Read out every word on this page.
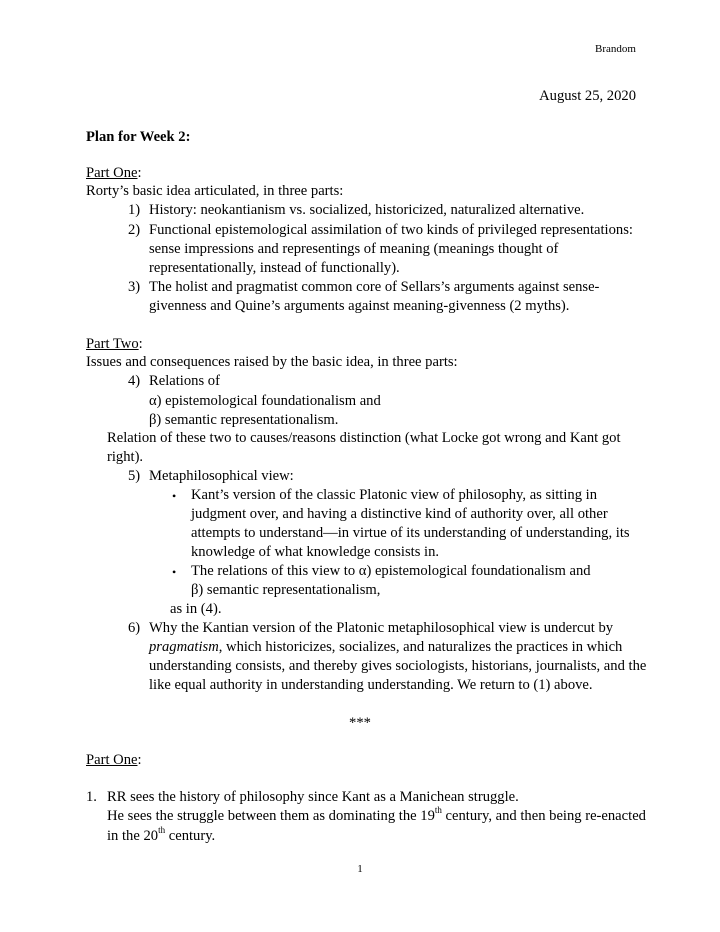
Brandom
August 25, 2020
Plan for Week 2:
Part One:
Rorty’s basic idea articulated, in three parts:
1) History: neokantianism vs. socialized, historicized, naturalized alternative.
2) Functional epistemological assimilation of two kinds of privileged representations:
sense impressions and representings of meaning (meanings thought of
representationally, instead of functionally).
3) The holist and pragmatist common core of Sellars’s arguments against sense-
givenness and Quine’s arguments against meaning-givenness (2 myths).
Part Two:
Issues and consequences raised by the basic idea, in three parts:
4) Relations of
α) epistemological foundationalism and
β) semantic representationalism.
Relation of these two to causes/reasons distinction (what Locke got wrong and Kant got
right).
5) Metaphilosophical view:
• Kant’s version of the classic Platonic view of philosophy, as sitting in
judgment over, and having a distinctive kind of authority over, all other
attempts to understand—in virtue of its understanding of understanding, its
knowledge of what knowledge consists in.
• The relations of this view to α) epistemological foundationalism and
β) semantic representationalism,
as in (4).
6) Why the Kantian version of the Platonic metaphilosophical view is undercut by
pragmatism, which historicizes, socializes, and naturalizes the practices in which
understanding consists, and thereby gives sociologists, historians, journalists, and the
like equal authority in understanding understanding. We return to (1) above.
***
Part One:
1. RR sees the history of philosophy since Kant as a Manichean struggle.
He sees the struggle between them as dominating the 19th century, and then being re-enacted
in the 20th century.
1
